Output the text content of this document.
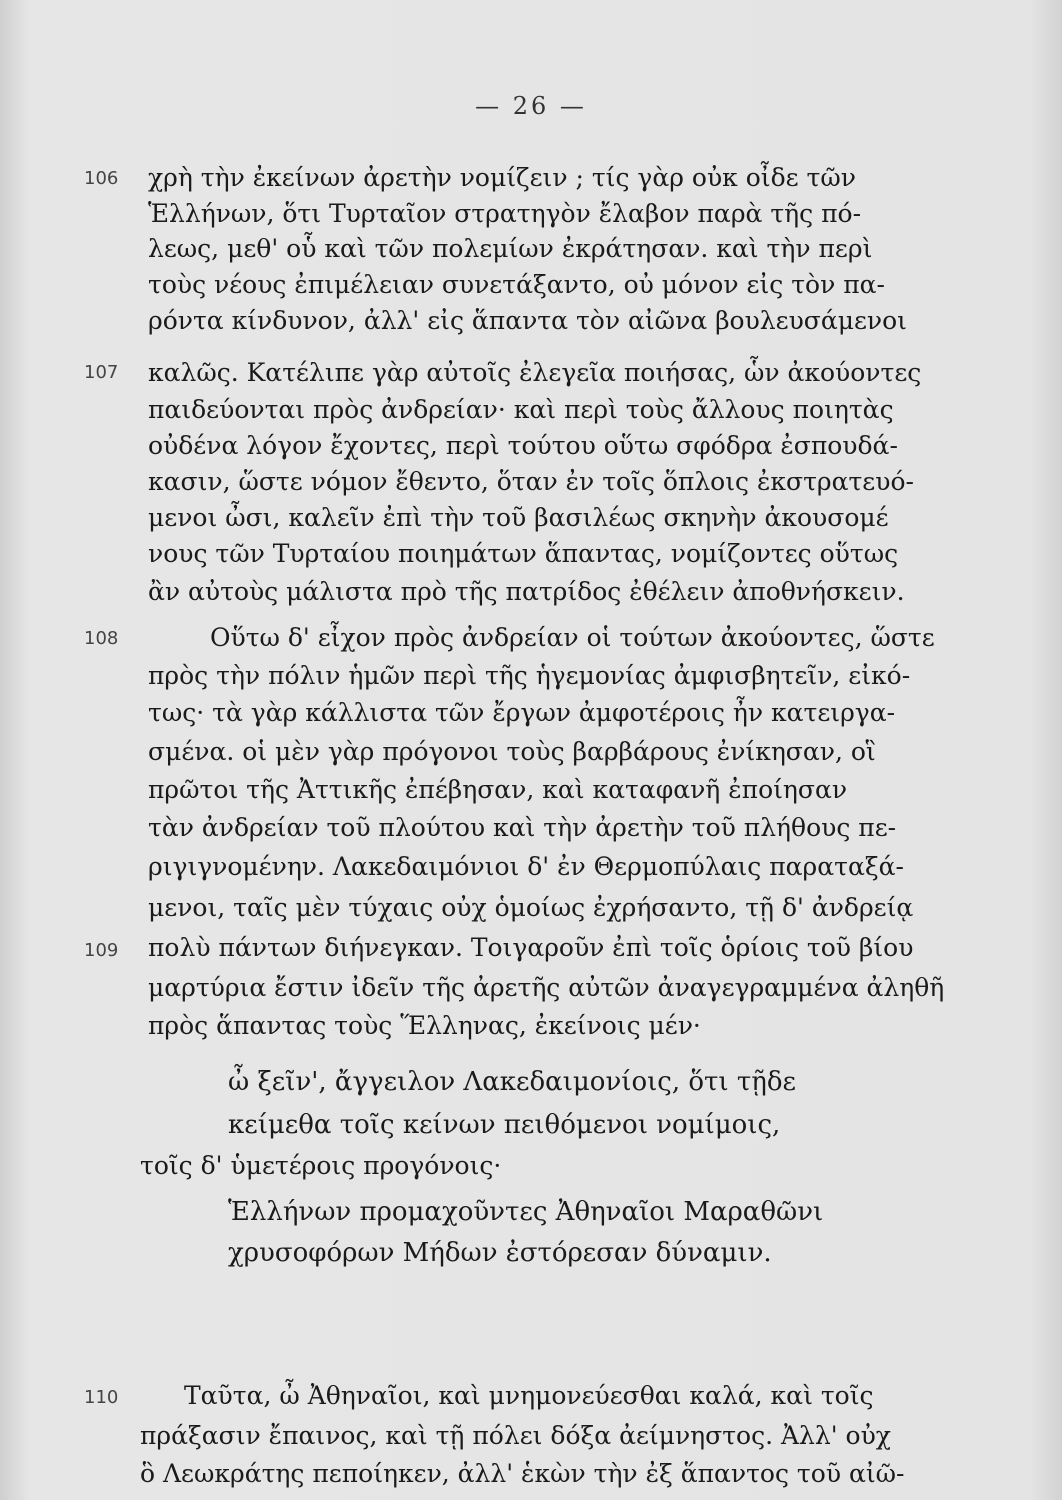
— 26 —
106
107
108
109
110
χρὴ τὴν ἐκείνων ἀρετὴν νομίζειν ; τίς γὰρ οὐκ οἶδε τῶν
Ἑλλήνων, ὅτι Τυρταῖον στρατηγὸν ἔλαβον παρὰ τῆς πό-
λεως, μεθ' οὗ καὶ τῶν πολεμίων ἐκράτησαν. καὶ τὴν περὶ
τοὺς νέους ἐπιμέλειαν συνετάξαντο, οὐ μόνον εἰς τὸν πα-
ρόντα κίνδυνον, ἀλλ' εἰς ἅπαντα τὸν αἰῶνα βουλευσάμενοι
καλῶς. Κατέλιπε γὰρ αὐτοῖς ἐλεγεῖα ποιήσας, ὧν ἀκούοντες
παιδεύονται πρὸς ἀνδρείαν· καὶ περὶ τοὺς ἄλλους ποιητὰς
οὐδένα λόγον ἔχοντες, περὶ τούτου οὕτω σφόδρα ἐσπουδά-
κασιν, ὥστε νόμον ἔθεντο, ὅταν ἐν τοῖς ὅπλοις ἐκστρατευό-
μενοι ὦσι, καλεῖν ἐπὶ τὴν τοῦ βασιλέως σκηνὴν ἀκουσομέ
νους τῶν Τυρταίου ποιημάτων ἅπαντας, νομίζοντες οὕτως
ἂν αὐτοὺς μάλιστα πρὸ τῆς πατρίδος ἐθέλειν ἀποθνήσκειν.
Οὕτω δ' εἶχον πρὸς ἀνδρείαν οἱ τούτων ἀκούοντες, ὥστε
πρὸς τὴν πόλιν ἡμῶν περὶ τῆς ἡγεμονίας ἀμφισβητεῖν, εἰκό-
τως· τὰ γὰρ κάλλιστα τῶν ἔργων ἀμφοτέροις ἦν κατειργα-
σμένα. οἱ μὲν γὰρ πρόγονοι τοὺς βαρβάρους ἐνίκησαν, οἳ
πρῶτοι τῆς Ἀττικῆς ἐπέβησαν, καὶ καταφανῆ ἐποίησαν
τὰν ἀνδρείαν τοῦ πλούτου καὶ τὴν ἀρετὴν τοῦ πλήθους πε-
ριγιγνομένην. Λακεδαιμόνιοι δ' ἐν Θερμοπύλαις παραταξά-
μενοι, ταῖς μὲν τύχαις οὐχ ὁμοίως ἐχρήσαντο, τῇ δ' ἀνδρείᾳ
πολὺ πάντων διήνεγκαν. Τοιγαροῦν ἐπὶ τοῖς ὁρίοις τοῦ βίου
μαρτύρια ἔστιν ἰδεῖν τῆς ἀρετῆς αὐτῶν ἀναγεγραμμένα ἀληθῆ
πρὸς ἅπαντας τοὺς Ἕλληνας, ἐκείνοις μέν·
ὦ ξεῖν', ἄγγειλον Λακεδαιμονίοις, ὅτι τῇδε
κείμεθα τοῖς κείνων πειθόμενοι νομίμοις,
τοῖς δ' ὑμετέροις προγόνοις·
Ἑλλήνων προμαχοῦντες Ἀθηναῖοι Μαραθῶνι
χρυσοφόρων Μήδων ἐστόρεσαν δύναμιν.
Ταῦτα, ὦ Ἀθηναῖοι, καὶ μνημονεύεσθαι καλά, καὶ τοῖς
πράξασιν ἔπαινος, καὶ τῇ πόλει δόξα ἀείμνηστος. Ἀλλ' οὐχ
ὃ Λεωκράτης πεποίηκεν, ἀλλ' ἑκὼν τὴν ἐξ ἅπαντος τοῦ αἰῶ-
